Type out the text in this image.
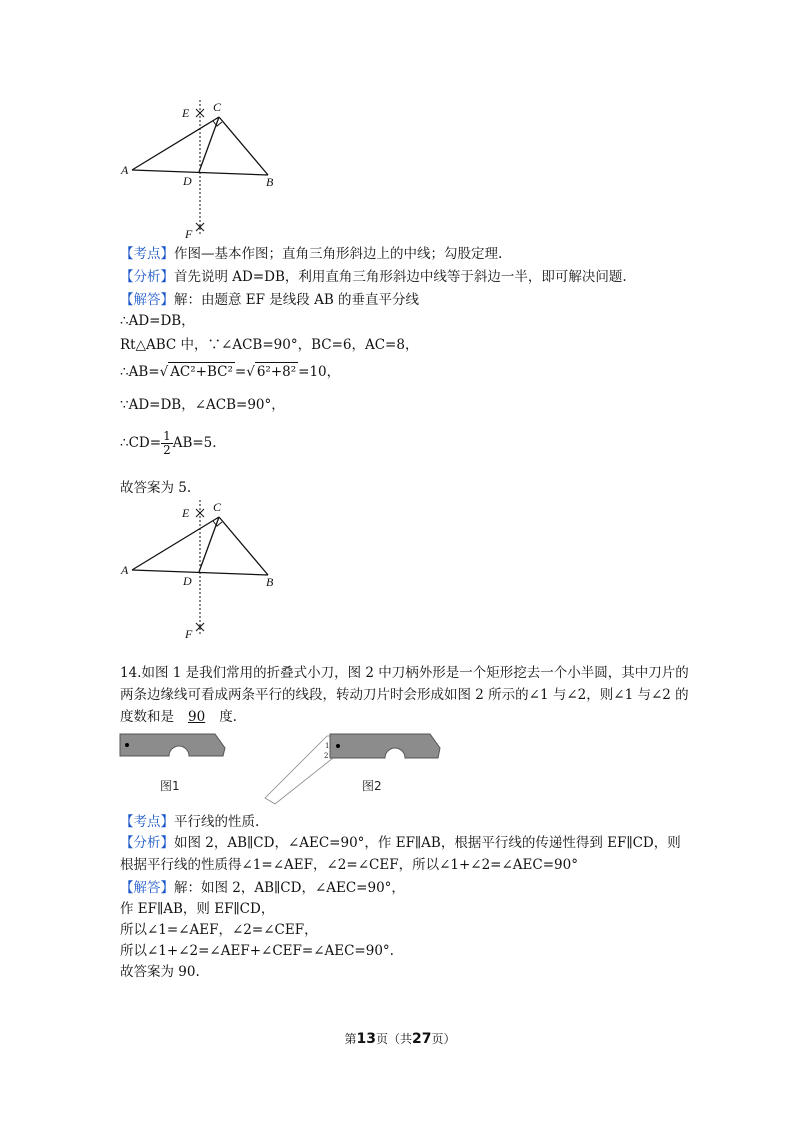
E C
A
D	B
F
【考点】作图—基本作图；直角三角形斜边上的中线；勾股定理.
【分析】首先说明 AD=DB，利用直角三角形斜边中线等于斜边一半，即可解决问题.
【解答】解：由题意 EF 是线段 AB 的垂直平分线
∴AD=DB，
Rt△ABC 中，∵∠ACB=90°，BC=6，AC=8，
∴AB=√ AC²+BC² =√ 6²+8² =10，
∵AD=DB，∠ACB=90°，
∴CD= $\frac{1}{2} AB=5$.
故答案为 5.
E C
A
D	B
F
14.如图 1 是我们常用的折叠式小刀，图 2 中刀柄外形是一个矩形挖去一个小半圆，其中刀片的两条边缘线可看成两条平行的线段，转动刀片时会形成如图 2 所示的∠1 与∠2，则∠1 与∠2 的度数和是 90 度.
图1
1
2
图2
【考点】平行线的性质.
【分析】如图 2，AB∥CD，∠AEC=90°，作 EF∥AB，根据平行线的传递性得到 EF∥CD，则根据平行线的性质得∠1=∠AEF，∠2=∠CEF，所以∠1+∠2=∠AEC=90°
【解答】解：如图 2，AB∥CD，∠AEC=90°，
作 EF∥AB，则 EF∥CD，
所以∠1=∠AEF，∠2=∠CEF，
所以∠1+∠2=∠AEF+∠CEF=∠AEC=90°.
故答案为 90.
第13页（共27页）
